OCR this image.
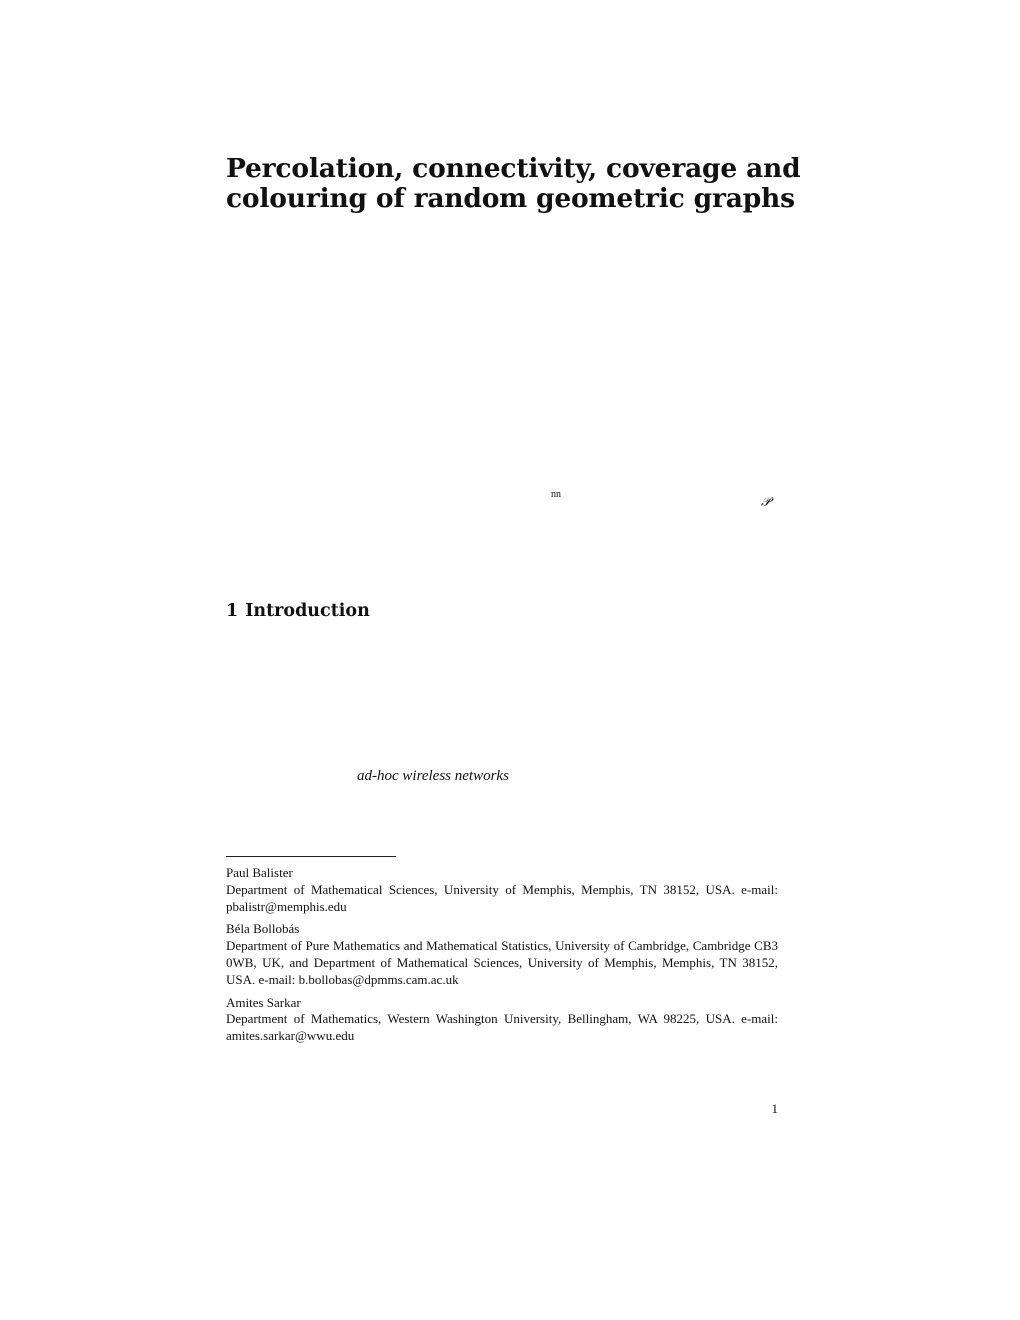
Percolation, connectivity, coverage and
colouring of random geometric graphs
nn	𝒫
1 Introduction
ad-hoc wireless networks
Paul Balister
Department of Mathematical Sciences, University of Memphis, Memphis, TN 38152, USA. e-mail: pbalistr@memphis.edu
Béla Bollobás
Department of Pure Mathematics and Mathematical Statistics, University of Cambridge, Cambridge CB3 0WB, UK, and Department of Mathematical Sciences, University of Memphis, Memphis, TN 38152, USA. e-mail: b.bollobas@dpmms.cam.ac.uk
Amites Sarkar
Department of Mathematics, Western Washington University, Bellingham, WA 98225, USA. e-mail: amites.sarkar@wwu.edu
1
